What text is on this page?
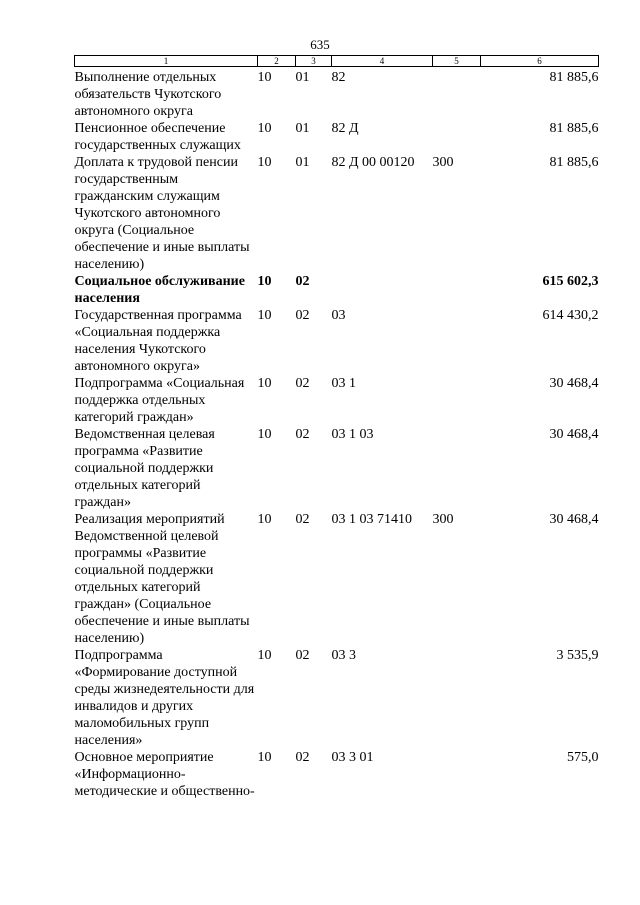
635
1	2	3	4	5	6
Выполнение отдельных обязательств Чукотского автономного округа	10	01	82		81 885,6
Пенсионное обеспечение государственных служащих	10	01	82 Д		81 885,6
Доплата к трудовой пенсии государственным гражданским служащим Чукотского автономного округа (Социальное обеспечение и иные выплаты населению)	10	01	82 Д 00 00120	300	81 885,6
Социальное обслуживание населения	10	02			615 602,3
Государственная программа «Социальная поддержка населения Чукотского автономного округа»	10	02	03		614 430,2
Подпрограмма «Социальная поддержка отдельных категорий граждан»	10	02	03 1		30 468,4
Ведомственная целевая программа «Развитие социальной поддержки отдельных категорий граждан»	10	02	03 1 03		30 468,4
Реализация мероприятий Ведомственной целевой программы «Развитие социальной поддержки отдельных категорий граждан» (Социальное обеспечение и иные выплаты населению)	10	02	03 1 03 71410	300	30 468,4
Подпрограмма «Формирование доступной среды жизнедеятельности для инвалидов и других маломобильных групп населения»	10	02	03 3		3 535,9
Основное мероприятие «Информационно-методические и общественно-	10	02	03 3 01		575,0
